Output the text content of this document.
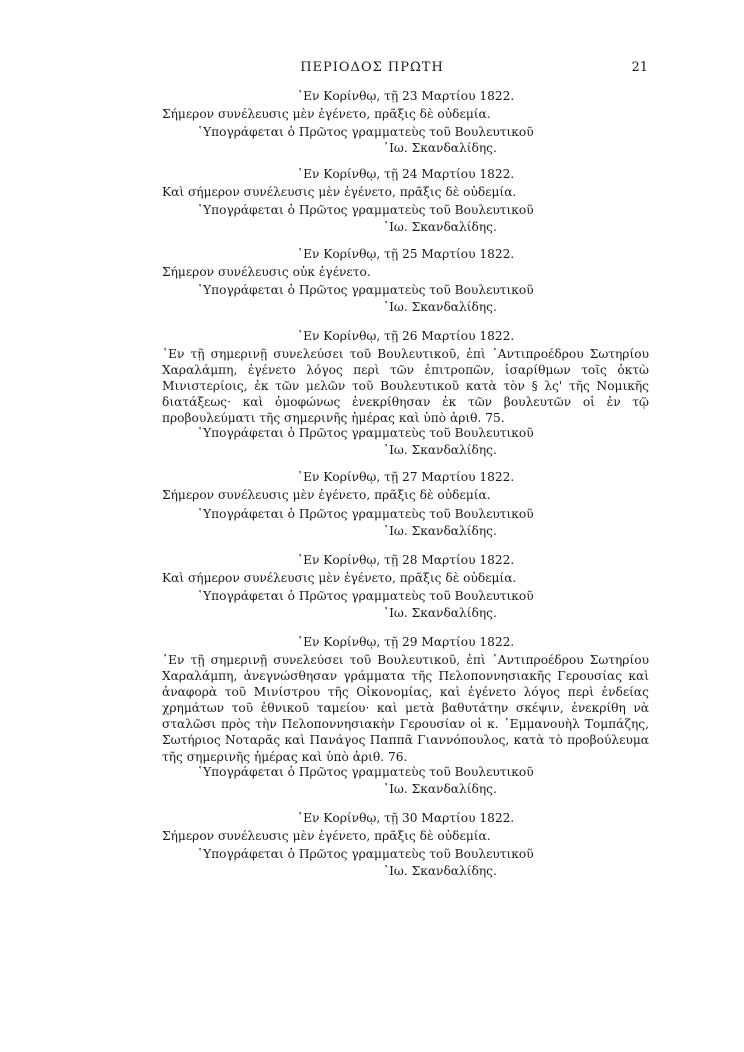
ΠΕΡΙΟΔΟΣ ΠΡΩΤΗ	21
᾿Εν Κορίνθῳ, τῇ 23 Μαρτίου 1822.
Σήμερον συνέλευσις μὲν ἐγένετο, πρᾶξις δὲ οὐδεμία.
῾Υπογράφεται ὁ Πρῶτος γραμματεὺς τοῦ Βουλευτικοῦ
᾿Ιω. Σκανδαλίδης.
᾿Εν Κορίνθῳ, τῇ 24 Μαρτίου 1822.
Καὶ σήμερον συνέλευσις μὲν ἐγένετο, πρᾶξις δὲ οὐδεμία.
῾Υπογράφεται ὁ Πρῶτος γραμματεὺς τοῦ Βουλευτικοῦ
᾿Ιω. Σκανδαλίδης.
᾿Εν Κορίνθῳ, τῇ 25 Μαρτίου 1822.
Σήμερον συνέλευσις οὐκ ἐγένετο.
῾Υπογράφεται ὁ Πρῶτος γραμματεὺς τοῦ Βουλευτικοῦ
᾿Ιω. Σκανδαλίδης.
᾿Εν Κορίνθῳ, τῇ 26 Μαρτίου 1822.
᾿Εν τῇ σημερινῇ συνελεύσει τοῦ Βουλευτικοῦ, ἐπὶ ᾿Αντιπροέδρου Σωτηρίου Χαραλάμπη, ἐγένετο λόγος περὶ τῶν ἐπιτροπῶν, ἰσαρίθμων τοῖς ὀκτὼ Μινιστερίοις, ἐκ τῶν μελῶν τοῦ Βουλευτικοῦ κατὰ τὸν § λς' τῆς Νομικῆς διατάξεως· καὶ ὁμοφώνως ἐνεκρίθησαν ἐκ τῶν βουλευτῶν οἱ ἐν τῷ προβουλεύματι τῆς σημερινῆς ἡμέρας καὶ ὑπὸ ἀριθ. 75.
῾Υπογράφεται ὁ Πρῶτος γραμματεὺς τοῦ Βουλευτικοῦ
᾿Ιω. Σκανδαλίδης.
᾿Εν Κορίνθῳ, τῇ 27 Μαρτίου 1822.
Σήμερον συνέλευσις μὲν ἐγένετο, πρᾶξις δὲ οὐδεμία.
῾Υπογράφεται ὁ Πρῶτος γραμματεὺς τοῦ Βουλευτικοῦ
᾿Ιω. Σκανδαλίδης.
᾿Εν Κορίνθῳ, τῇ 28 Μαρτίου 1822.
Καὶ σήμερον συνέλευσις μὲν ἐγένετο, πρᾶξις δὲ οὐδεμία.
῾Υπογράφεται ὁ Πρῶτος γραμματεὺς τοῦ Βουλευτικοῦ
᾿Ιω. Σκανδαλίδης.
᾿Εν Κορίνθῳ, τῇ 29 Μαρτίου 1822.
᾿Εν τῇ σημερινῇ συνελεύσει τοῦ Βουλευτικοῦ, ἐπὶ ᾿Αντιπροέδρου Σωτηρίου Χαραλάμπη, ἀνεγνώσθησαν γράμματα τῆς Πελοποννησιακῆς Γερουσίας καὶ ἀναφορὰ τοῦ Μινίστρου τῆς Οἰκονομίας, καὶ ἐγένετο λόγος περὶ ἐνδείας χρημάτων τοῦ ἐθνικοῦ ταμείου· καὶ μετὰ βαθυτάτην σκέψιν, ἐνεκρίθη νὰ σταλῶσι πρὸς τὴν Πελοποννησιακὴν Γερουσίαν οἱ κ. ᾿Εμμανουὴλ Τομπάζης, Σωτήριος Νοταρᾶς καὶ Πανάγος Παππᾶ Γιαννόπουλος, κατὰ τὸ προβούλευμα τῆς σημερινῆς ἡμέρας καὶ ὑπὸ ἀριθ. 76.
῾Υπογράφεται ὁ Πρῶτος γραμματεὺς τοῦ Βουλευτικοῦ
᾿Ιω. Σκανδαλίδης.
᾿Εν Κορίνθῳ, τῇ 30 Μαρτίου 1822.
Σήμερον συνέλευσις μὲν ἐγένετο, πρᾶξις δὲ οὐδεμία.
῾Υπογράφεται ὁ Πρῶτος γραμματεὺς τοῦ Βουλευτικοῦ
᾿Ιω. Σκανδαλίδης.
